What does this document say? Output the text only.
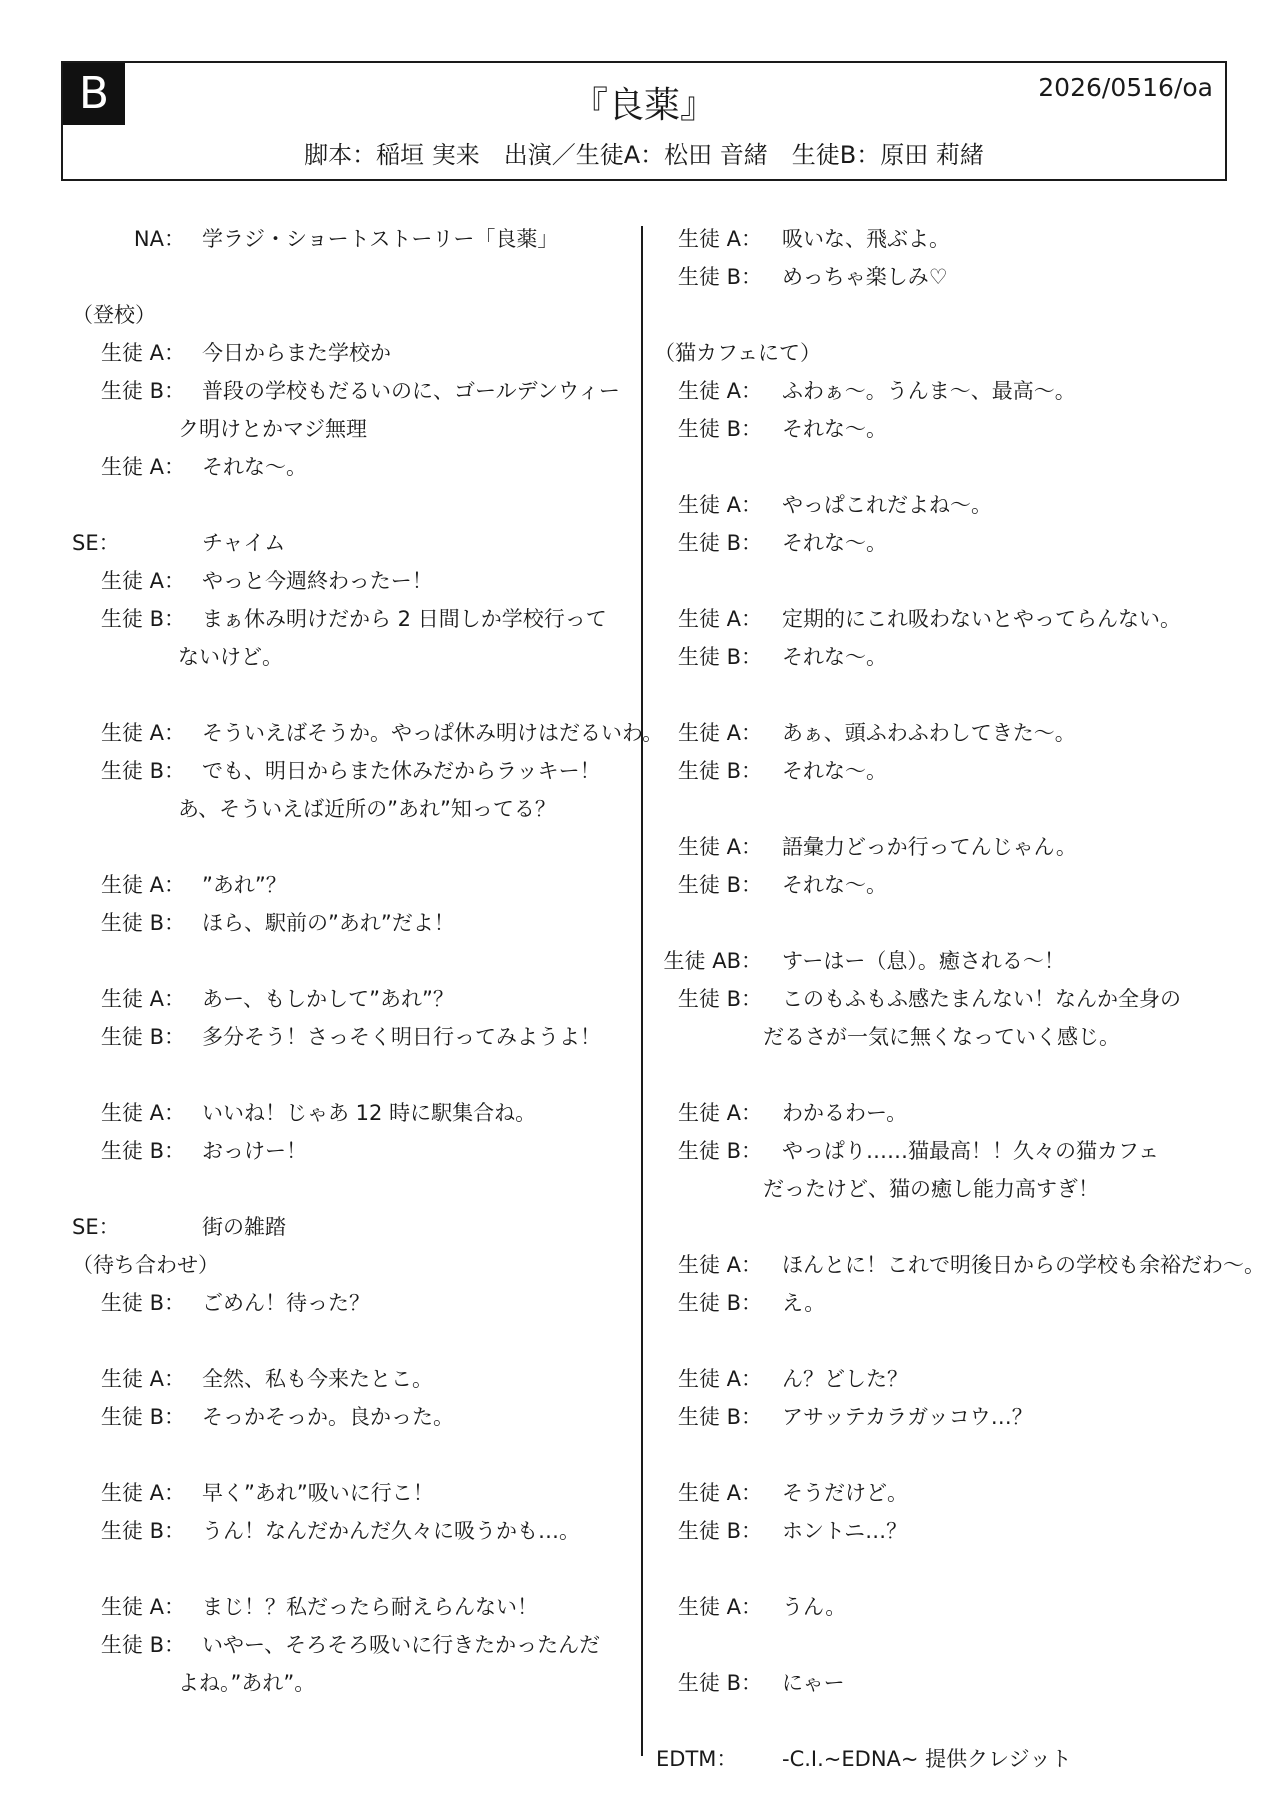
B	『良薬』	2026/0516/oa
脚本：稲垣 実来　出演／生徒A：松田 音緒　生徒B：原田 莉緒
NA： 学ラジ・ショートストーリー「良薬」
（登校）
生徒 A： 今日からまた学校か
生徒 B： 普段の学校もだるいのに、ゴールデンウィー
ク明けとかマジ無理
生徒 A： それな～。
SE：	チャイム
生徒 A： やっと今週終わったー！
生徒 B： まぁ休み明けだから 2 日間しか学校行って
ないけど。
生徒 A： そういえばそうか。やっぱ休み明けはだるいわ。
生徒 B： でも、明日からまた休みだからラッキー！
あ、そういえば近所の”あれ”知ってる？
生徒 A： ”あれ”？
生徒 B： ほら、駅前の”あれ”だよ！
生徒 A： あー、もしかして”あれ”？
生徒 B： 多分そう！さっそく明日行ってみようよ！
生徒 A： いいね！じゃあ 12 時に駅集合ね。
生徒 B： おっけー！
SE：	街の雑踏
（待ち合わせ）
生徒 B： ごめん！待った？
生徒 A： 全然、私も今来たとこ。
生徒 B： そっかそっか。良かった。
生徒 A： 早く”あれ”吸いに行こ！
生徒 B： うん！なんだかんだ久々に吸うかも…。
生徒 A： まじ！？私だったら耐えらんない！
生徒 B： いやー、そろそろ吸いに行きたかったんだ
よね。”あれ”。
生徒 A： 吸いな、飛ぶよ。
生徒 B： めっちゃ楽しみ♡
（猫カフェにて）
生徒 A： ふわぁ～。うんま～、最高～。
生徒 B： それな～。
生徒 A： やっぱこれだよね～。
生徒 B： それな～。
生徒 A： 定期的にこれ吸わないとやってらんない。
生徒 B： それな～。
生徒 A： あぁ、頭ふわふわしてきた～。
生徒 B： それな～。
生徒 A： 語彙力どっか行ってんじゃん。
生徒 B： それな～。
生徒 AB： すーはー（息）。癒される～！
生徒 B： このもふもふ感たまんない！なんか全身の
だるさが一気に無くなっていく感じ。
生徒 A： わかるわー。
生徒 B： やっぱり……猫最高！！久々の猫カフェ
だったけど、猫の癒し能力高すぎ！
生徒 A： ほんとに！これで明後日からの学校も余裕だわ～。
生徒 B： え。
生徒 A： ん？どした？
生徒 B： アサッテカラガッコウ…？
生徒 A： そうだけど。
生徒 B： ホントニ…？
生徒 A： うん。
生徒 B： にゃー
EDTM： -C.I.~EDNA~ 提供クレジット
